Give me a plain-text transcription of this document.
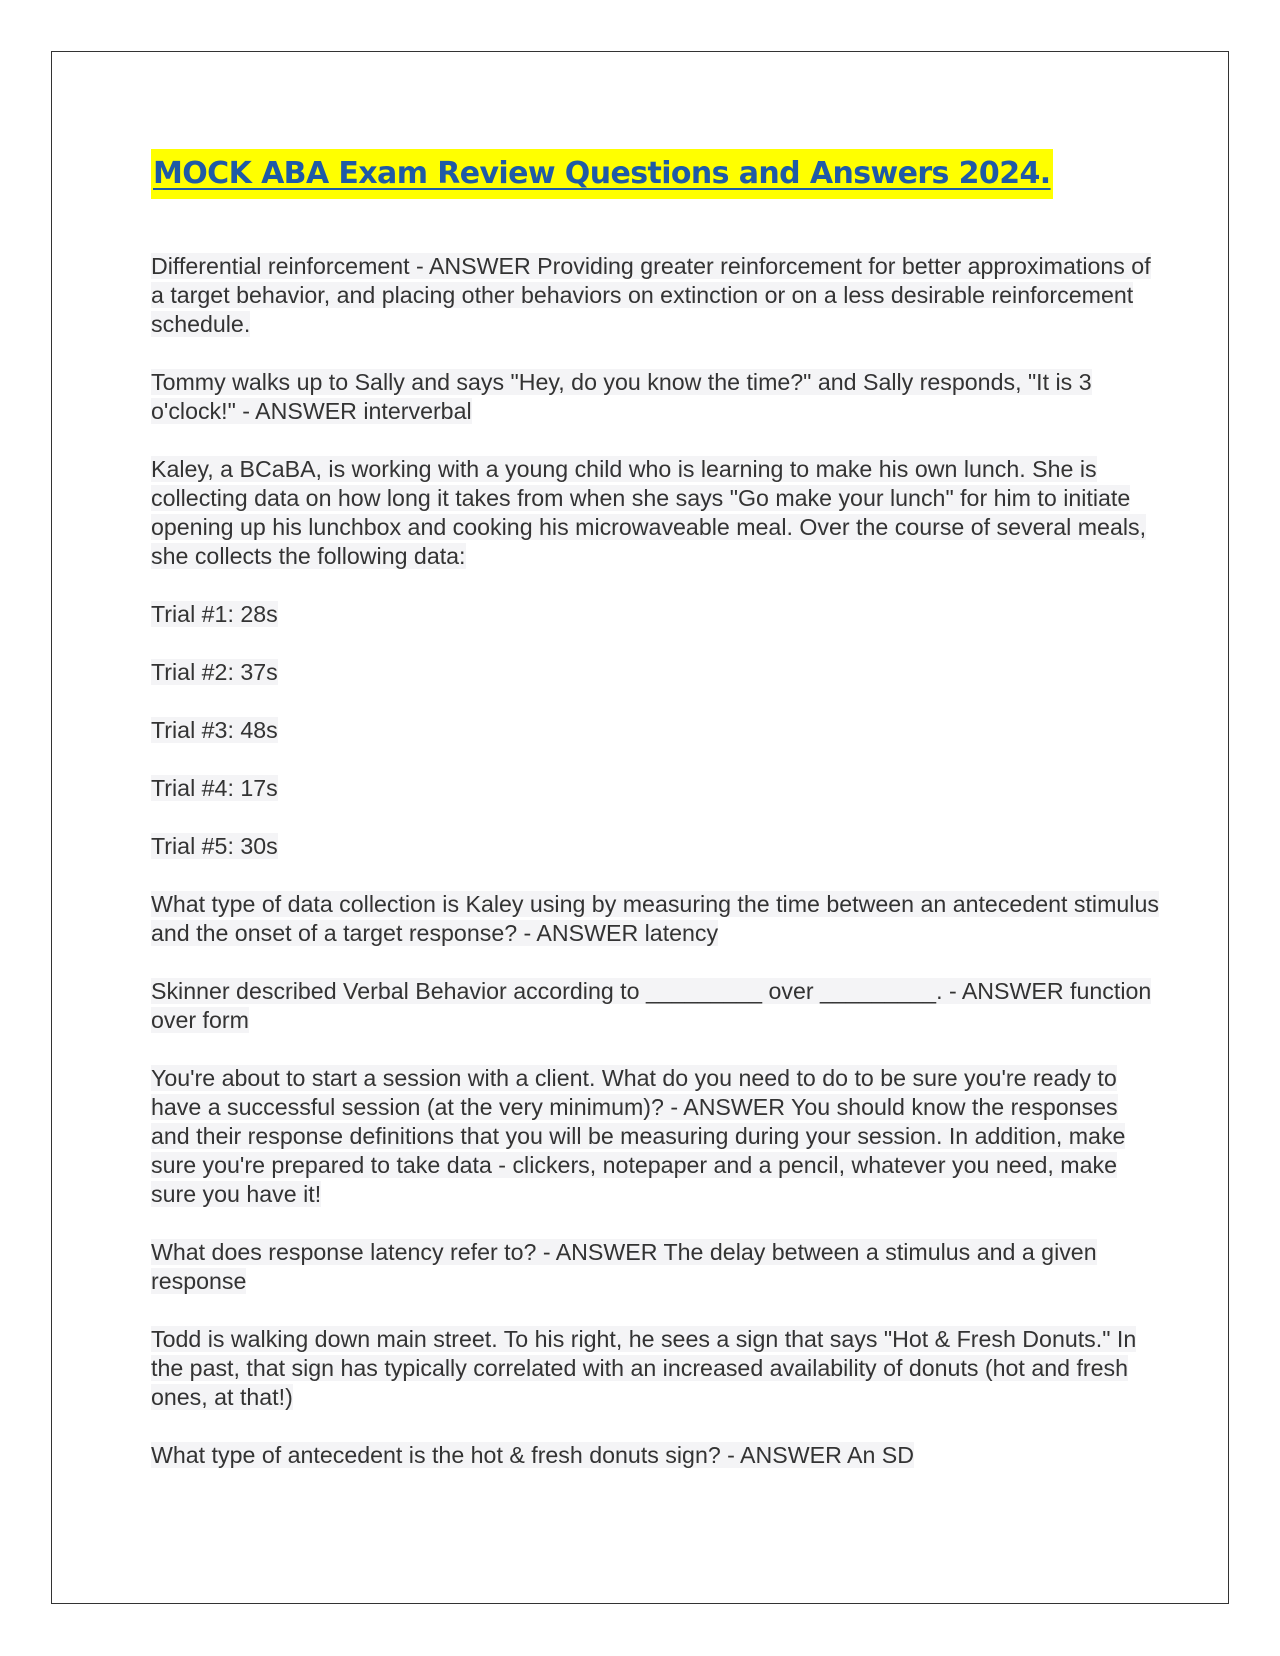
MOCK ABA Exam Review Questions and Answers 2024.

Differential reinforcement - ANSWER Providing greater reinforcement for better approximations of a target behavior, and placing other behaviors on extinction or on a less desirable reinforcement schedule.

Tommy walks up to Sally and says "Hey, do you know the time?" and Sally responds, "It is 3 o'clock!" - ANSWER interverbal

Kaley, a BCaBA, is working with a young child who is learning to make his own lunch. She is collecting data on how long it takes from when she says "Go make your lunch" for him to initiate opening up his lunchbox and cooking his microwaveable meal. Over the course of several meals, she collects the following data:

Trial #1: 28s

Trial #2: 37s

Trial #3: 48s

Trial #4: 17s

Trial #5: 30s

What type of data collection is Kaley using by measuring the time between an antecedent stimulus and the onset of a target response? - ANSWER latency

Skinner described Verbal Behavior according to _________ over _________. - ANSWER function over form

You're about to start a session with a client. What do you need to do to be sure you're ready to have a successful session (at the very minimum)? - ANSWER You should know the responses and their response definitions that you will be measuring during your session. In addition, make sure you're prepared to take data - clickers, notepaper and a pencil, whatever you need, make sure you have it!

What does response latency refer to? - ANSWER The delay between a stimulus and a given response

Todd is walking down main street. To his right, he sees a sign that says "Hot & Fresh Donuts." In the past, that sign has typically correlated with an increased availability of donuts (hot and fresh ones, at that!)

What type of antecedent is the hot & fresh donuts sign? - ANSWER An SD
